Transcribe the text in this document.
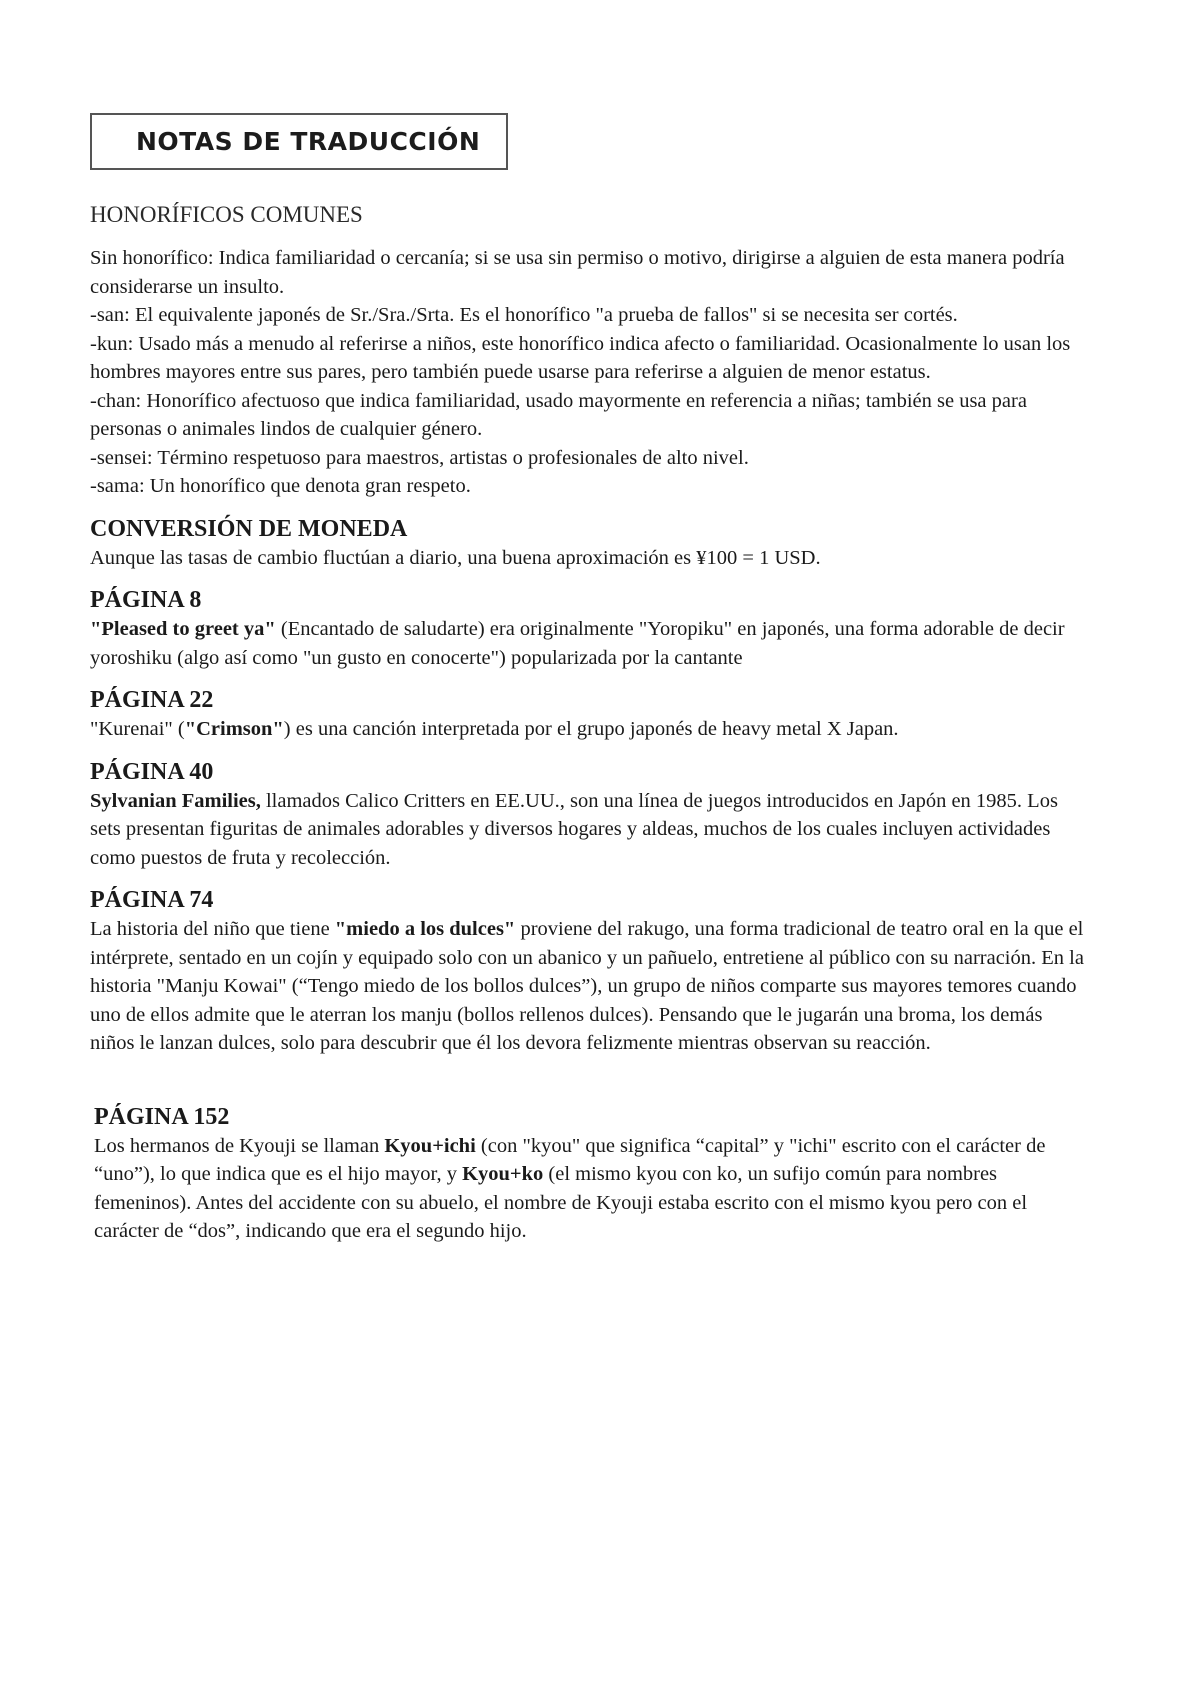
NOTAS DE TRADUCCIÓN

HONORÍFICOS COMUNES

Sin honorífico: Indica familiaridad o cercanía; si se usa sin permiso o motivo, dirigirse a alguien de esta manera podría considerarse un insulto.

-san: El equivalente japonés de Sr./Sra./Srta. Es el honorífico "a prueba de fallos" si se necesita ser cortés.

-kun: Usado más a menudo al referirse a niños, este honorífico indica afecto o familiaridad. Ocasionalmente lo usan los hombres mayores entre sus pares, pero también puede usarse para referirse a alguien de menor estatus.

-chan: Honorífico afectuoso que indica familiaridad, usado mayormente en referencia a niñas; también se usa para personas o animales lindos de cualquier género.

-sensei: Término respetuoso para maestros, artistas o profesionales de alto nivel.

-sama: Un honorífico que denota gran respeto.

CONVERSIÓN DE MONEDA

Aunque las tasas de cambio fluctúan a diario, una buena aproximación es ¥100 = 1 USD.

PÁGINA 8

"Pleased to greet ya" (Encantado de saludarte) era originalmente "Yoropiku" en japonés, una forma adorable de decir yoroshiku (algo así como "un gusto en conocerte") popularizada por la cantante

PÁGINA 22

"Kurenai" ("Crimson") es una canción interpretada por el grupo japonés de heavy metal X Japan.

PÁGINA 40

Sylvanian Families, llamados Calico Critters en EE.UU., son una línea de juegos introducidos en Japón en 1985. Los sets presentan figuritas de animales adorables y diversos hogares y aldeas, muchos de los cuales incluyen actividades como puestos de fruta y recolección.

PÁGINA 74

La historia del niño que tiene "miedo a los dulces" proviene del rakugo, una forma tradicional de teatro oral en la que el intérprete, sentado en un cojín y equipado solo con un abanico y un pañuelo, entretiene al público con su narración. En la historia "Manju Kowai" (“Tengo miedo de los bollos dulces”), un grupo de niños comparte sus mayores temores cuando uno de ellos admite que le aterran los manju (bollos rellenos dulces). Pensando que le jugarán una broma, los demás niños le lanzan dulces, solo para descubrir que él los devora felizmente mientras observan su reacción.

PÁGINA 152

Los hermanos de Kyouji se llaman Kyou+ichi (con "kyou" que significa “capital” y "ichi" escrito con el carácter de “uno”), lo que indica que es el hijo mayor, y Kyou+ko (el mismo kyou con ko, un sufijo común para nombres femeninos). Antes del accidente con su abuelo, el nombre de Kyouji estaba escrito con el mismo kyou pero con el carácter de “dos”, indicando que era el segundo hijo.
